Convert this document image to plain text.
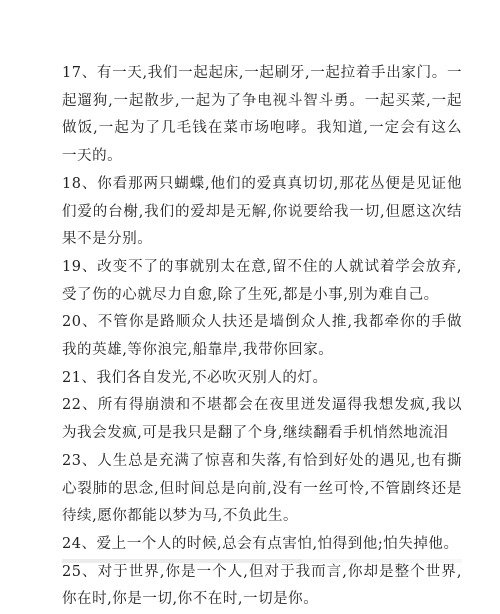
17、有一天,我们一起起床,一起刷牙,一起拉着手出家门。一起遛狗,一起散步,一起为了争电视斗智斗勇。一起买菜,一起做饭,一起为了几毛钱在菜市场咆哮。我知道,一定会有这么一天的。

18、你看那两只蝴蝶,他们的爱真真切切,那花丛便是见证他们爱的台榭,我们的爱却是无解,你说要给我一切,但愿这次结果不是分别。

19、改变不了的事就别太在意,留不住的人就试着学会放弃,受了伤的心就尽力自愈,除了生死,都是小事,别为难自己。

20、不管你是路顺众人扶还是墙倒众人推,我都牵你的手做我的英雄,等你浪完,船靠岸,我带你回家。

21、我们各自发光,不必吹灭别人的灯。

22、所有得崩溃和不堪都会在夜里迸发逼得我想发疯,我以为我会发疯,可是我只是翻了个身,继续翻看手机悄然地流泪

23、人生总是充满了惊喜和失落,有恰到好处的遇见,也有撕心裂肺的思念,但时间总是向前,没有一丝可怜,不管剧终还是待续,愿你都能以梦为马,不负此生。

24、爱上一个人的时候,总会有点害怕,怕得到他;怕失掉他。

25、对于世界,你是一个人,但对于我而言,你却是整个世界,你在时,你是一切,你不在时,一切是你。
